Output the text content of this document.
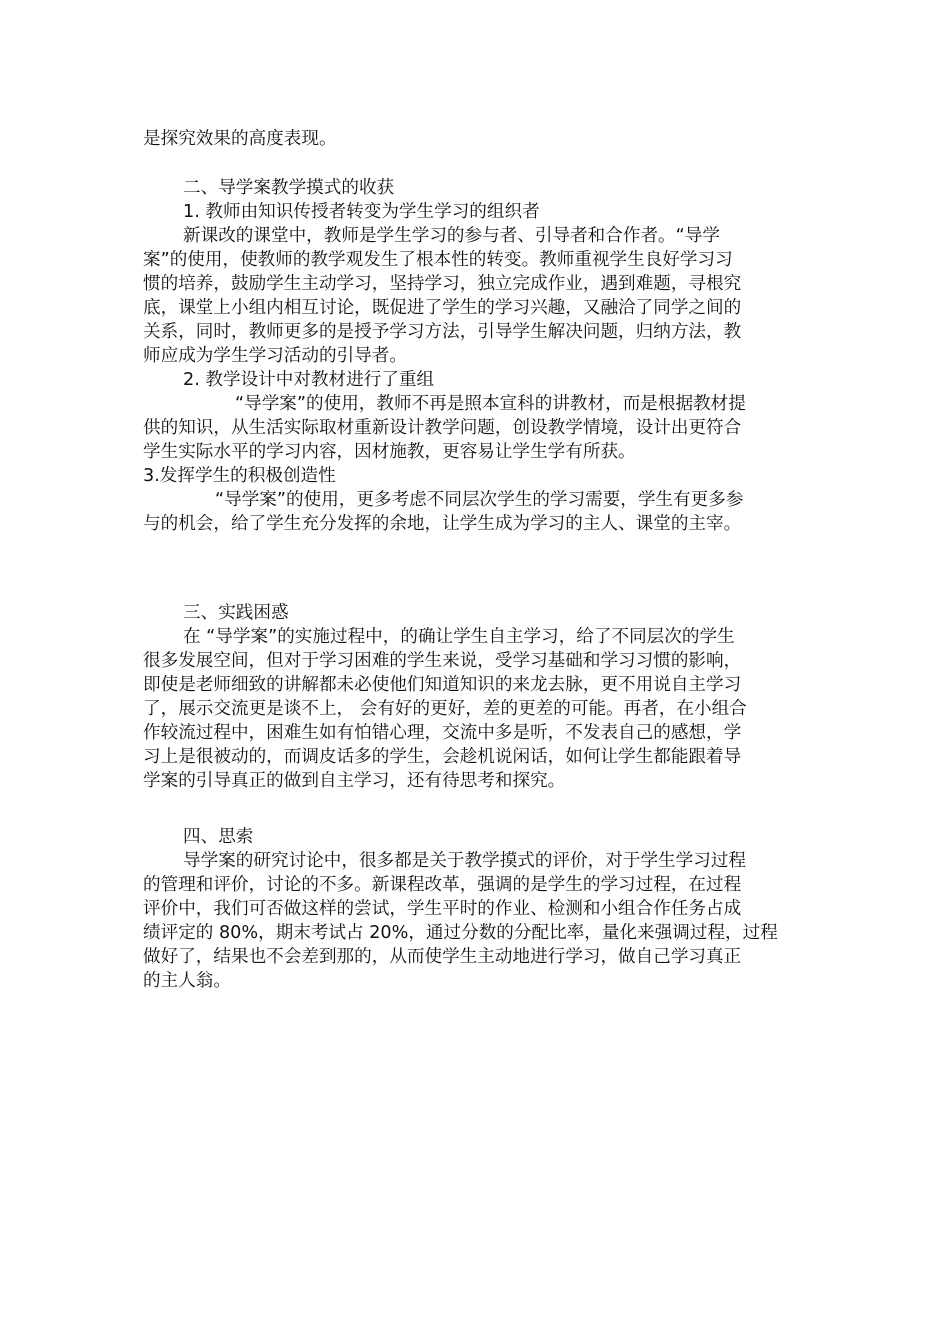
是探究效果的高度表现。
二、导学案教学摸式的收获
1. 教师由知识传授者转变为学生学习的组织者
新课改的课堂中，教师是学生学习的参与者、引导者和合作者。“导学
案”的使用，使教师的教学观发生了根本性的转变。教师重视学生良好学习习
惯的培养，鼓励学生主动学习，坚持学习，独立完成作业，遇到难题，寻根究
底，课堂上小组内相互讨论，既促进了学生的学习兴趣，又融洽了同学之间的
关系，同时，教师更多的是授予学习方法，引导学生解决问题，归纳方法，教
师应成为学生学习活动的引导者。
2. 教学设计中对教材进行了重组
“导学案”的使用，教师不再是照本宣科的讲教材，而是根据教材提
供的知识，从生活实际取材重新设计教学问题，创设教学情境，设计出更符合
学生实际水平的学习内容，因材施教，更容易让学生学有所获。
3.发挥学生的积极创造性
“导学案”的使用，更多考虑不同层次学生的学习需要，学生有更多参
与的机会，给了学生充分发挥的余地，让学生成为学习的主人、课堂的主宰。
三、实践困惑
在 “导学案”的实施过程中，的确让学生自主学习，给了不同层次的学生
很多发展空间，但对于学习困难的学生来说，受学习基础和学习习惯的影响，
即使是老师细致的讲解都未必使他们知道知识的来龙去脉，更不用说自主学习
了，展示交流更是谈不上， 会有好的更好，差的更差的可能。再者，在小组合
作较流过程中，困难生如有怕错心理，交流中多是听，不发表自己的感想，学
习上是很被动的，而调皮话多的学生，会趁机说闲话，如何让学生都能跟着导
学案的引导真正的做到自主学习，还有待思考和探究。
四、思索
导学案的研究讨论中，很多都是关于教学摸式的评价，对于学生学习过程
的管理和评价，讨论的不多。新课程改革，强调的是学生的学习过程，在过程
评价中，我们可否做这样的尝试，学生平时的作业、检测和小组合作任务占成
绩评定的 80%，期末考试占 20%，通过分数的分配比率，量化来强调过程，过程
做好了，结果也不会差到那的，从而使学生主动地进行学习，做自己学习真正
的主人翁。
